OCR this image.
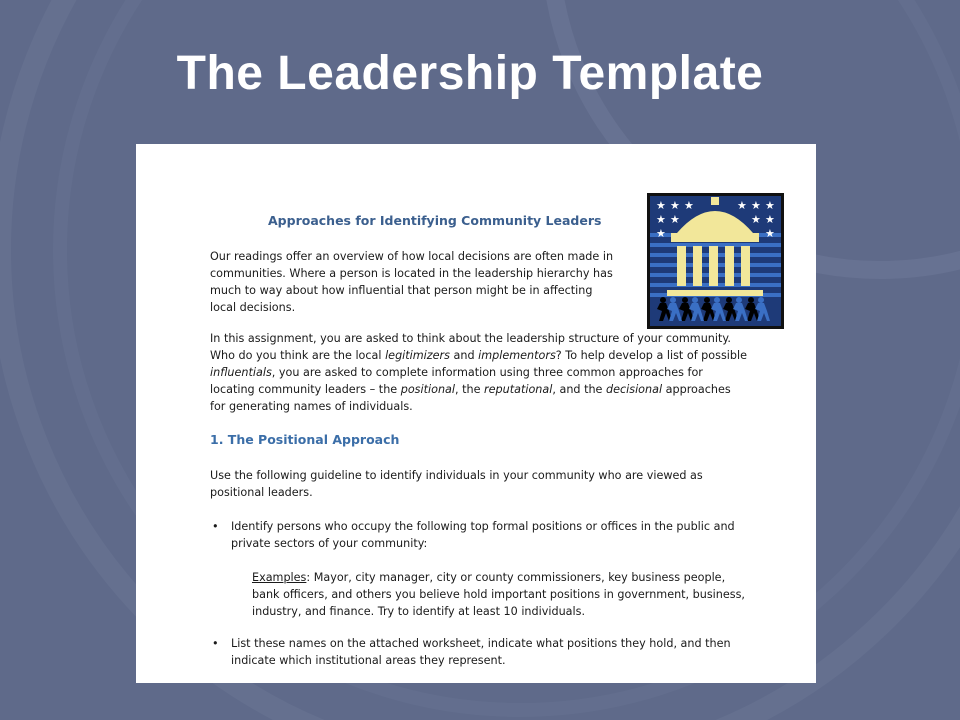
The Leadership Template
Approaches for Identifying Community Leaders
★ ★ ★	★ ★ ★
★ ★	★ ★
★	★

Our readings offer an overview of how local decisions are often made in communities. Where a person is located in the leadership hierarchy has much to way about how influential that person might be in affecting local decisions.

In this assignment, you are asked to think about the leadership structure of your community. Who do you think are the local legitimizers and implementors? To help develop a list of possible influentials, you are asked to complete information using three common approaches for locating community leaders – the positional, the reputational, and the decisional approaches for generating names of individuals.

1. The Positional Approach

Use the following guideline to identify individuals in your community who are viewed as positional leaders.

• Identify persons who occupy the following top formal positions or offices in the public and private sectors of your community:

Examples: Mayor, city manager, city or county commissioners, key business people, bank officers, and others you believe hold important positions in government, business, industry, and finance. Try to identify at least 10 individuals.

• List these names on the attached worksheet, indicate what positions they hold, and then indicate which institutional areas they represent.
